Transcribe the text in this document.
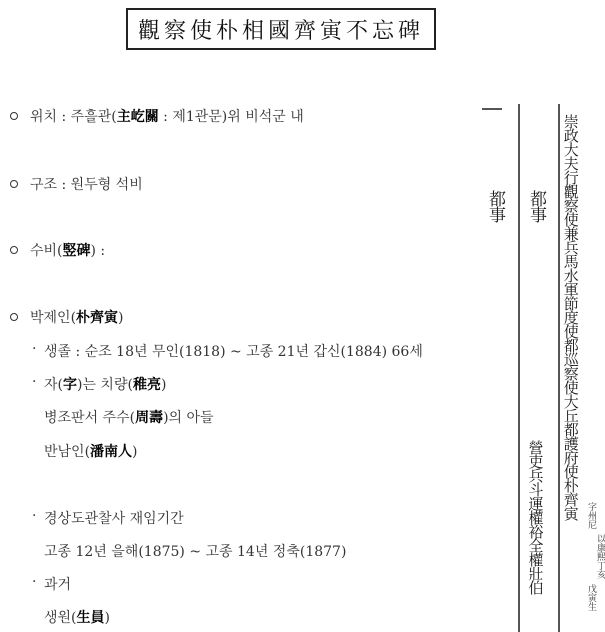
觀察使朴相國齊寅不忘碑
위치 : 주흘관(主屹關 : 제1관문)위 비석군 내
구조 : 원두형 석비
수비(竪碑) :
박제인(朴齊寅)
· 생졸 : 순조 18년 무인(1818) ~ 고종 21년 갑신(1884) 66세
· 자(字)는 치량(稚亮)
병조판서 주수(周壽)의 아들
반남인(潘南人)
· 경상도관찰사 재임기간
고종 12년 을해(1875) ~ 고종 14년 정축(1877)
· 과거
생원(生員)
都事 都事
營吏兵斗運權裕全權壯伯 崇政大夫行觀察使兼兵馬水軍節度使都巡察使大丘都護府使朴齊寅 字州尼
以康熙丁亥
戊寅生
